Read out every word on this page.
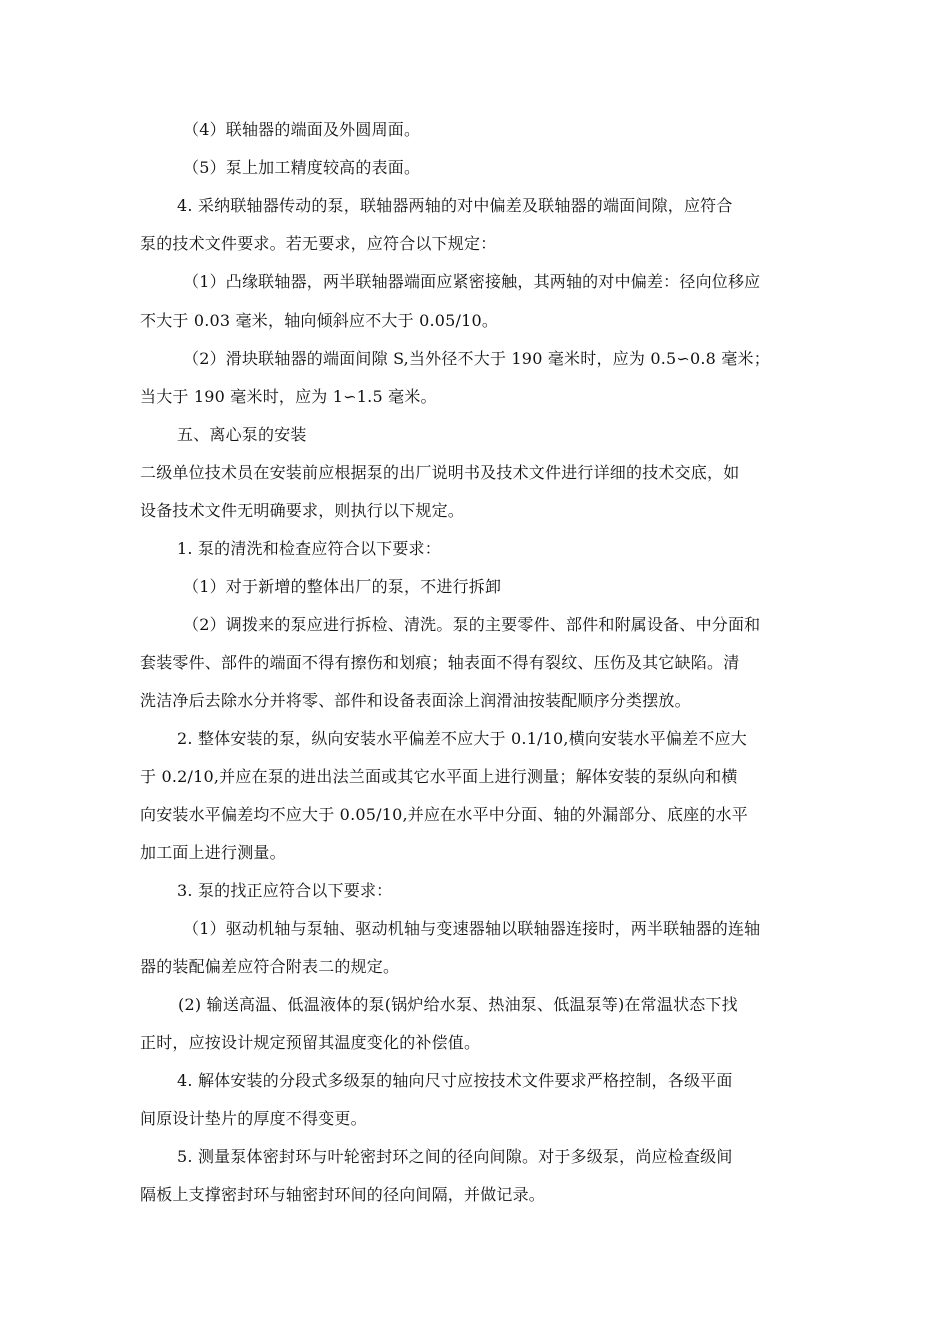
（4）联轴器的端面及外圆周面。
（5）泵上加工精度较高的表面。
4. 采纳联轴器传动的泵，联轴器两轴的对中偏差及联轴器的端面间隙，应符合
泵的技术文件要求。若无要求，应符合以下规定：
（1）凸缘联轴器，两半联轴器端面应紧密接触，其两轴的对中偏差：径向位移应
不大于 0.03 毫米，轴向倾斜应不大于 0.05/10。
（2）滑块联轴器的端面间隙 S,当外径不大于 190 毫米时，应为 0.5∽0.8 毫米；
当大于 190 毫米时，应为 1∽1.5 毫米。
五、离心泵的安装
二级单位技术员在安装前应根据泵的出厂说明书及技术文件进行详细的技术交底，如
设备技术文件无明确要求，则执行以下规定。
1. 泵的清洗和检查应符合以下要求：
（1）对于新增的整体出厂的泵，不进行拆卸
（2）调拨来的泵应进行拆检、清洗。泵的主要零件、部件和附属设备、中分面和
套装零件、部件的端面不得有擦伤和划痕；轴表面不得有裂纹、压伤及其它缺陷。清
洗洁净后去除水分并将零、部件和设备表面涂上润滑油按装配顺序分类摆放。
2. 整体安装的泵，纵向安装水平偏差不应大于 0.1/10,横向安装水平偏差不应大
于 0.2/10,并应在泵的进出法兰面或其它水平面上进行测量；解体安装的泵纵向和横
向安装水平偏差均不应大于 0.05/10,并应在水平中分面、轴的外漏部分、底座的水平
加工面上进行测量。
3. 泵的找正应符合以下要求：
（1）驱动机轴与泵轴、驱动机轴与变速器轴以联轴器连接时，两半联轴器的连轴
器的装配偏差应符合附表二的规定。
(2) 输送高温、低温液体的泵(锅炉给水泵、热油泵、低温泵等)在常温状态下找
正时，应按设计规定预留其温度变化的补偿值。
4. 解体安装的分段式多级泵的轴向尺寸应按技术文件要求严格控制，各级平面
间原设计垫片的厚度不得变更。
5. 测量泵体密封环与叶轮密封环之间的径向间隙。对于多级泵，尚应检查级间
隔板上支撑密封环与轴密封环间的径向间隔，并做记录。
